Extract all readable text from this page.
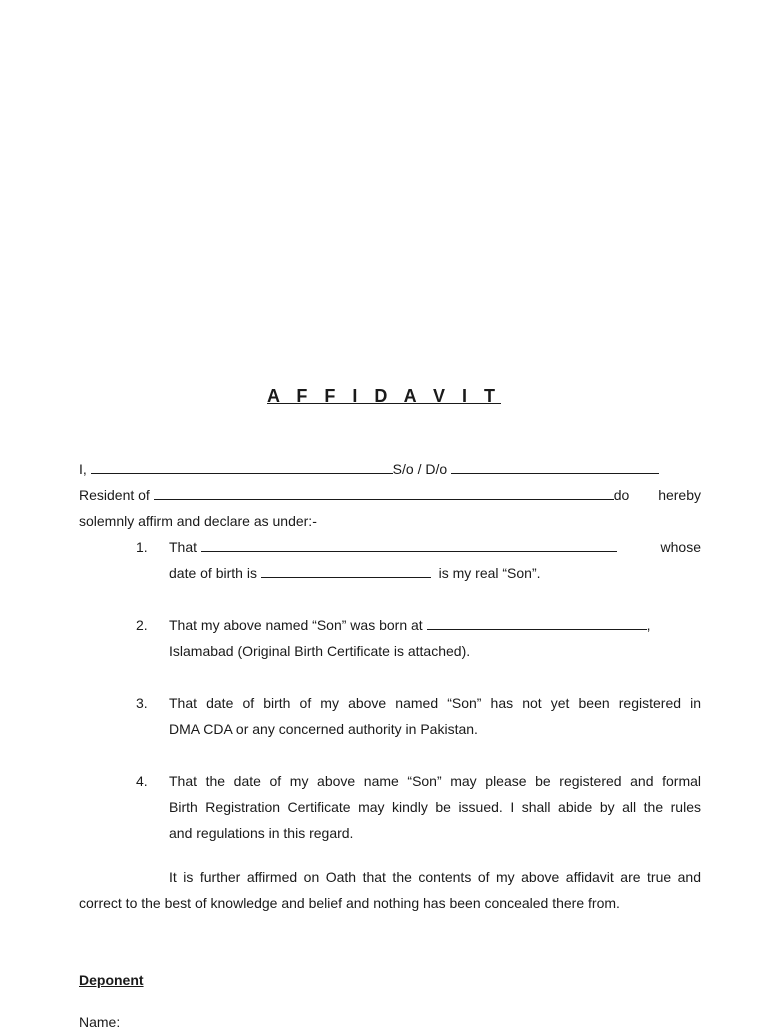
A F F I D A V I T
I,	S/o / D/o
Resident of	do hereby
solemnly affirm and declare as under:-
1. That	whose
date of birth is	is my real “Son”.
2. That my above named “Son” was born at	,
Islamabad (Original Birth Certificate is attached).
3. That date of birth of my above named “Son” has not yet been registered in
DMA CDA or any concerned authority in Pakistan.
4. That the date of my above name “Son” may please be registered and formal
Birth Registration Certificate may kindly be issued. I shall abide by all the rules
and regulations in this regard.
It is further affirmed on Oath that the contents of my above affidavit are true and
correct to the best of knowledge and belief and nothing has been concealed there from.
Deponent
Name:
